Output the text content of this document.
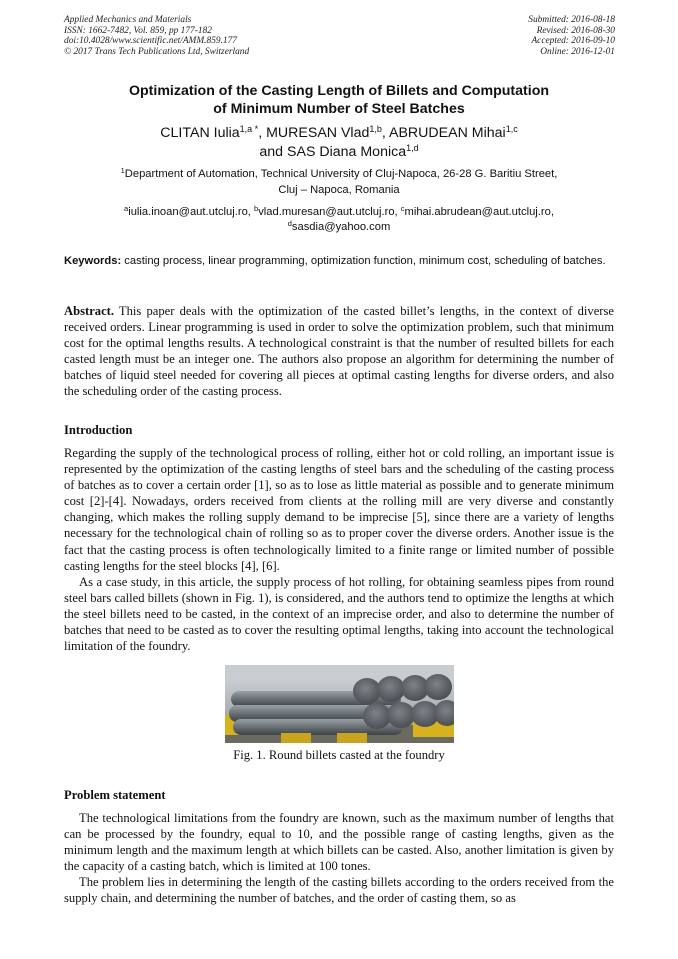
Applied Mechanics and Materials
ISSN: 1662-7482, Vol. 859, pp 177-182
doi:10.4028/www.scientific.net/AMM.859.177
© 2017 Trans Tech Publications Ltd, Switzerland
Submitted: 2016-08-18
Revised: 2016-08-30
Accepted: 2016-09-10
Online: 2016-12-01
Optimization of the Casting Length of Billets and Computation
of Minimum Number of Steel Batches
CLITAN Iulia$^{1,a *}$, MURESAN Vlad$^{1,b}$, ABRUDEAN Mihai$^{1,c}$
and SAS Diana Monica$^{1,d}$
$^1$Department of Automation, Technical University of Cluj-Napoca, 26-28 G. Baritiu Street,
Cluj – Napoca, Romania
$^a$iulia.inoan@aut.utcluj.ro, $^b$vlad.muresan@aut.utcluj.ro, $^c$mihai.abrudean@aut.utcluj.ro,
$^d$sasdia@yahoo.com
Keywords: casting process, linear programming, optimization function, minimum cost, scheduling of batches.
Abstract. This paper deals with the optimization of the casted billet’s lengths, in the context of diverse received orders. Linear programming is used in order to solve the optimization problem, such that minimum cost for the optimal lengths results. A technological constraint is that the number of resulted billets for each casted length must be an integer one. The authors also propose an algorithm for determining the number of batches of liquid steel needed for covering all pieces at optimal casting lengths for diverse orders, and also the scheduling order of the casting process.
Introduction

Regarding the supply of the technological process of rolling, either hot or cold rolling, an important issue is represented by the optimization of the casting lengths of steel bars and the scheduling of the casting process of batches as to cover a certain order [1], so as to lose as little material as possible and to generate minimum cost [2]-[4]. Nowadays, orders received from clients at the rolling mill are very diverse and constantly changing, which makes the rolling supply demand to be imprecise [5], since there are a variety of lengths necessary for the technological chain of rolling so as to proper cover the diverse orders. Another issue is the fact that the casting process is often technologically limited to a finite range or limited number of possible casting lengths for the steel blocks [4], [6].

As a case study, in this article, the supply process of hot rolling, for obtaining seamless pipes from round steel bars called billets (shown in Fig. 1), is considered, and the authors tend to optimize the lengths at which the steel billets need to be casted, in the context of an imprecise order, and also to determine the number of batches that need to be casted as to cover the resulting optimal lengths, taking into account the technological limitation of the foundry.

Fig. 1. Round billets casted at the foundry
Problem statement

The technological limitations from the foundry are known, such as the maximum number of lengths that can be processed by the foundry, equal to 10, and the possible range of casting lengths, given as the minimum length and the maximum length at which billets can be casted. Also, another limitation is given by the capacity of a casting batch, which is limited at 100 tones.

The problem lies in determining the length of the casting billets according to the orders received from the supply chain, and determining the number of batches, and the order of casting them, so as
